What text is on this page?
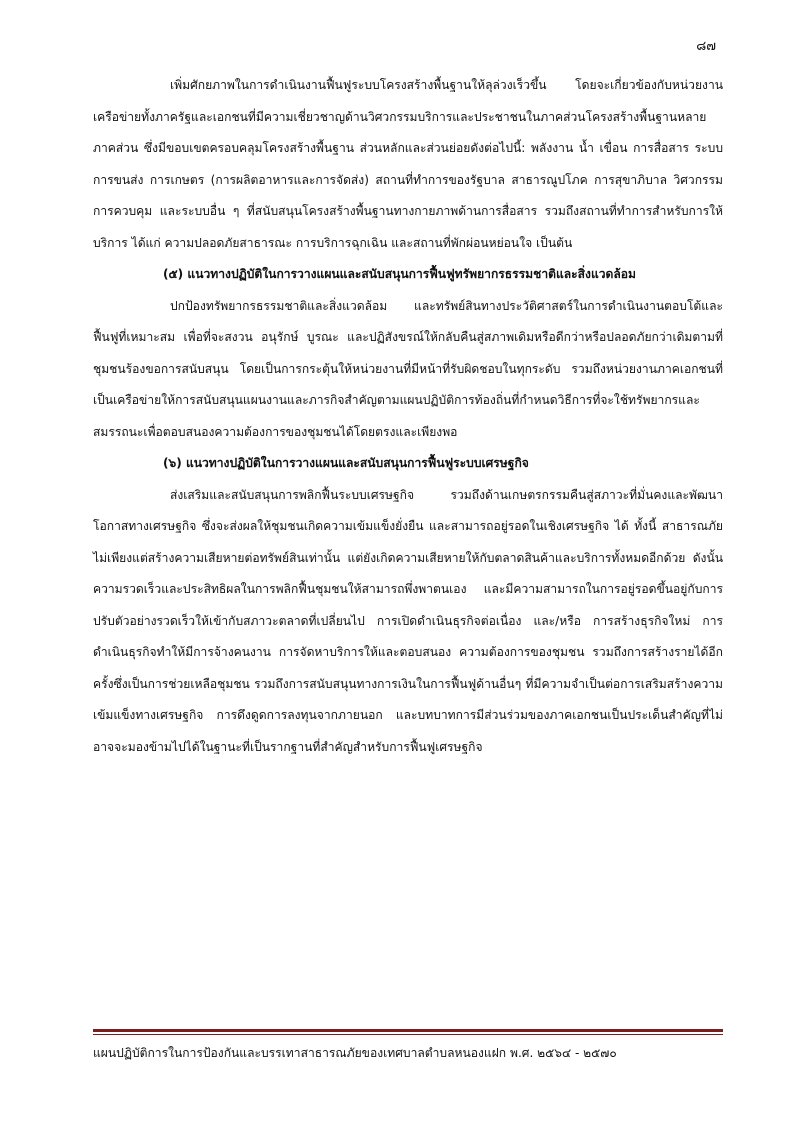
๘๗

เพิ่มศักยภาพในการดำเนินงานฟื้นฟูระบบโครงสร้างพื้นฐานให้ลุล่วงเร็วขึ้น โดยจะเกี่ยวข้องกับหน่วยงานเครือข่ายทั้งภาครัฐและเอกชนที่มีความเชี่ยวชาญด้านวิศวกรรมบริการและประชาชนในภาคส่วนโครงสร้างพื้นฐานหลายภาคส่วน ซึ่งมีขอบเขตครอบคลุมโครงสร้างพื้นฐาน ส่วนหลักและส่วนย่อยดังต่อไปนี้: พลังงาน น้ำ เขื่อน การสื่อสาร ระบบการขนส่ง การเกษตร (การผลิตอาหารและการจัดส่ง) สถานที่ทำการของรัฐบาล สาธารณูปโภค การสุขาภิบาล วิศวกรรม การควบคุม และระบบอื่น ๆ ที่สนับสนุนโครงสร้างพื้นฐานทางกายภาพด้านการสื่อสาร รวมถึงสถานที่ทำการสำหรับการให้บริการ ได้แก่ ความปลอดภัยสาธารณะ การบริการฉุกเฉิน และสถานที่พักผ่อนหย่อนใจ เป็นต้น

(๕) แนวทางปฏิบัติในการวางแผนและสนับสนุนการฟื้นฟูทรัพยากรธรรมชาติและสิ่งแวดล้อม

ปกป้องทรัพยากรธรรมชาติและสิ่งแวดล้อม และทรัพย์สินทางประวัติศาสตร์ในการดำเนินงานตอบโต้และฟื้นฟูที่เหมาะสม เพื่อที่จะสงวน อนุรักษ์ บูรณะ และปฏิสังขรณ์ให้กลับคืนสู่สภาพเดิมหรือดีกว่าหรือปลอดภัยกว่าเดิมตามที่ชุมชนร้องขอการสนับสนุน โดยเป็นการกระตุ้นให้หน่วยงานที่มีหน้าที่รับผิดชอบในทุกระดับ รวมถึงหน่วยงานภาคเอกชนที่เป็นเครือข่ายให้การสนับสนุนแผนงานและภารกิจสำคัญตามแผนปฏิบัติการท้องถิ่นที่กำหนดวิธีการที่จะใช้ทรัพยากรและสมรรถนะเพื่อตอบสนองความต้องการของชุมชนได้โดยตรงและเพียงพอ

(๖) แนวทางปฏิบัติในการวางแผนและสนับสนุนการฟื้นฟูระบบเศรษฐกิจ

ส่งเสริมและสนับสนุนการพลิกฟื้นระบบเศรษฐกิจ รวมถึงด้านเกษตรกรรมคืนสู่สภาวะที่มั่นคงและพัฒนาโอกาสทางเศรษฐกิจ ซึ่งจะส่งผลให้ชุมชนเกิดความเข้มแข็งยั่งยืน และสามารถอยู่รอดในเชิงเศรษฐกิจ ได้ ทั้งนี้ สาธารณภัยไม่เพียงแต่สร้างความเสียหายต่อทรัพย์สินเท่านั้น แต่ยังเกิดความเสียหายให้กับตลาดสินค้าและบริการทั้งหมดอีกด้วย ดังนั้น ความรวดเร็วและประสิทธิผลในการพลิกฟื้นชุมชนให้สามารถพึ่งพาตนเอง และมีความสามารถในการอยู่รอดขึ้นอยู่กับการปรับตัวอย่างรวดเร็วให้เข้ากับสภาวะตลาดที่เปลี่ยนไป การเปิดดำเนินธุรกิจต่อเนื่อง และ/หรือ การสร้างธุรกิจใหม่ การดำเนินธุรกิจทำให้มีการจ้างคนงาน การจัดหาบริการให้และตอบสนอง ความต้องการของชุมชน รวมถึงการสร้างรายได้อีกครั้งซึ่งเป็นการช่วยเหลือชุมชน รวมถึงการสนับสนุนทางการเงินในการฟื้นฟูด้านอื่นๆ ที่มีความจำเป็นต่อการเสริมสร้างความเข้มแข็งทางเศรษฐกิจ การดึงดูดการลงทุนจากภายนอก และบทบาทการมีส่วนร่วมของภาคเอกชนเป็นประเด็นสำคัญที่ไม่อาจจะมองข้ามไปได้ในฐานะที่เป็นรากฐานที่สำคัญสำหรับการฟื้นฟูเศรษฐกิจ

แผนปฏิบัติการในการป้องกันและบรรเทาสาธารณภัยของเทศบาลตำบลหนองแฝก พ.ศ. ๒๕๖๔ - ๒๕๗๐
